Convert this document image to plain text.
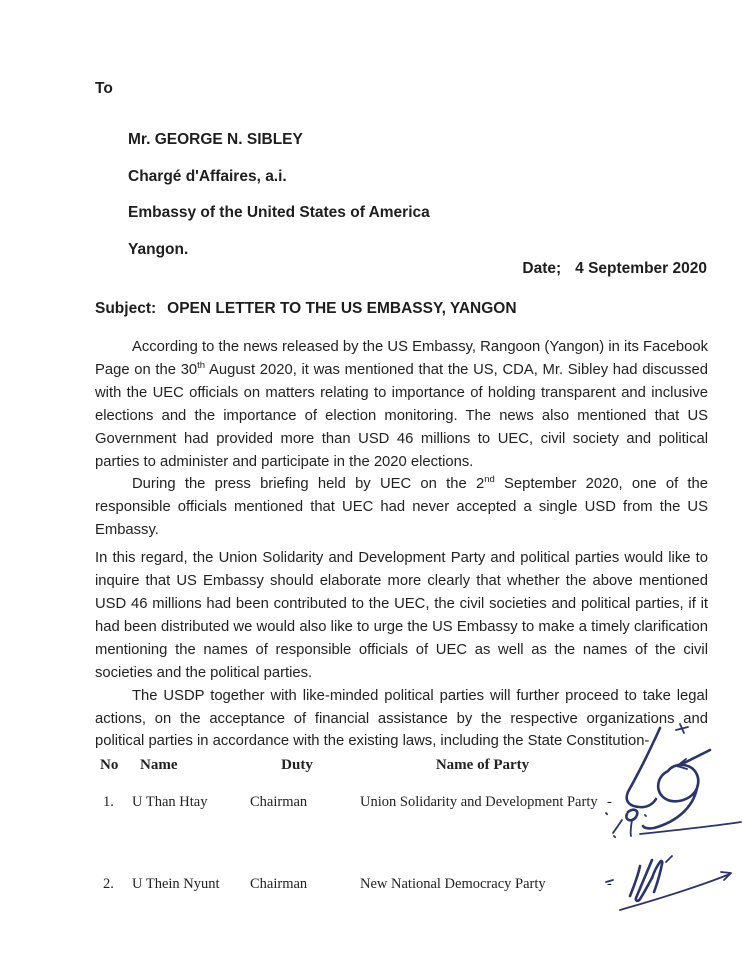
To
Mr. GEORGE N. SIBLEY
Chargé d'Affaires, a.i.
Embassy of the United States of America
Yangon.
Date; 4 September 2020
Subject: OPEN LETTER TO THE US EMBASSY, YANGON

According to the news released by the US Embassy, Rangoon (Yangon) in its Facebook Page on the 30th August 2020, it was mentioned that the US, CDA, Mr. Sibley had discussed with the UEC officials on matters relating to importance of holding transparent and inclusive elections and the importance of election monitoring. The news also mentioned that US Government had provided more than USD 46 millions to UEC, civil society and political parties to administer and participate in the 2020 elections.

During the press briefing held by UEC on the 2nd September 2020, one of the responsible officials mentioned that UEC had never accepted a single USD from the US Embassy.

In this regard, the Union Solidarity and Development Party and political parties would like to inquire that US Embassy should elaborate more clearly that whether the above mentioned USD 46 millions had been contributed to the UEC, the civil societies and political parties, if it had been distributed we would also like to urge the US Embassy to make a timely clarification mentioning the names of responsible officials of UEC as well as the names of the civil societies and the political parties.

The USDP together with like-minded political parties will further proceed to take legal actions, on the acceptance of financial assistance by the respective organizations and political parties in accordance with the existing laws, including the State Constitution-

No	Name	Duty	Name of Party
1.	U Than Htay	Chairman	Union Solidarity and Development Party -
2.	U Thein Nyunt	Chairman	New National Democracy Party	-
